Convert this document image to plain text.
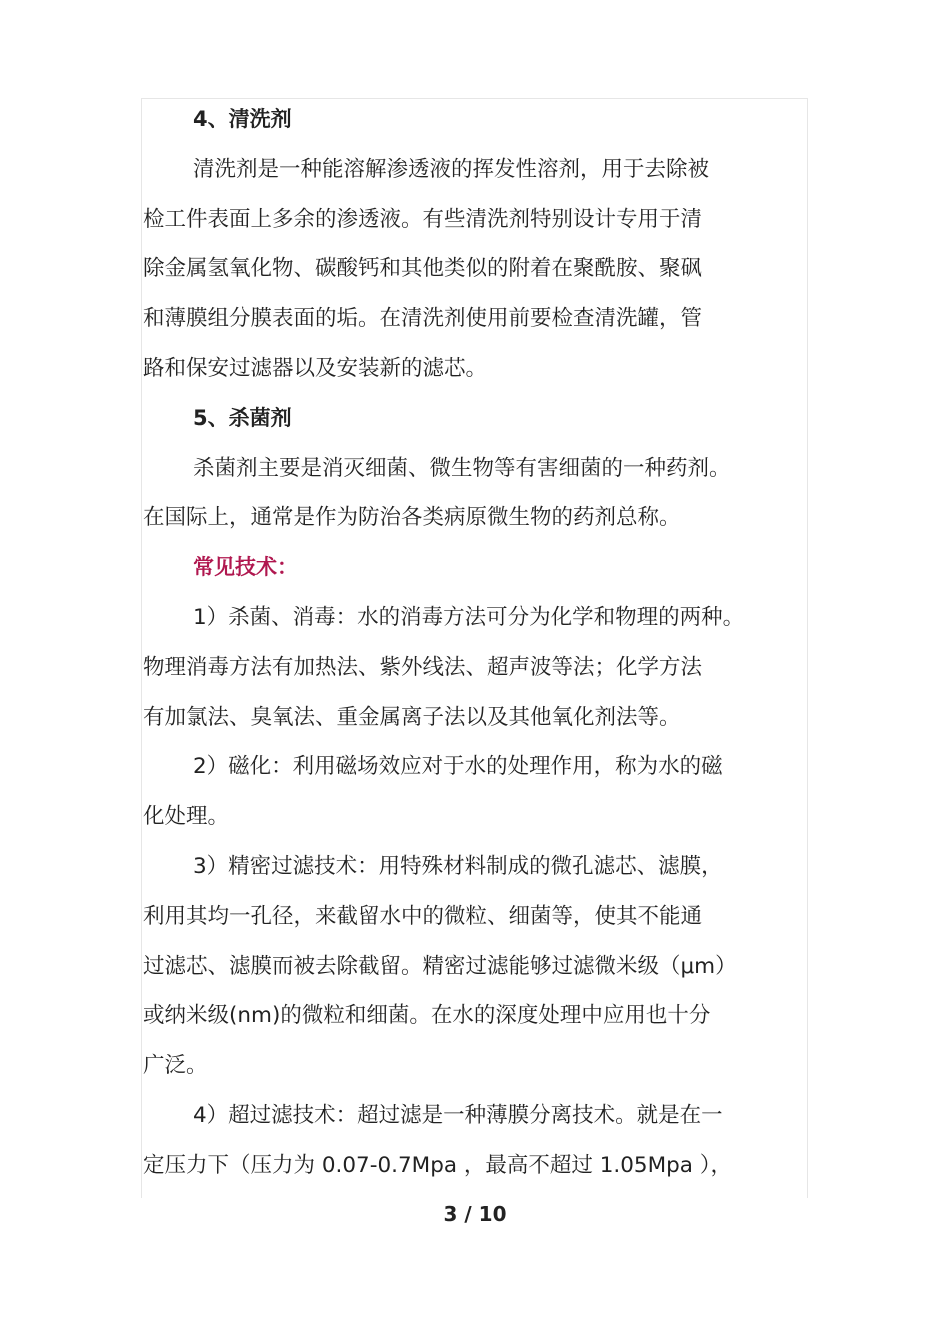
4、清洗剂
清洗剂是一种能溶解渗透液的挥发性溶剂，用于去除被
检工件表面上多余的渗透液。有些清洗剂特别设计专用于清
除金属氢氧化物、碳酸钙和其他类似的附着在聚酰胺、聚砜
和薄膜组分膜表面的垢。在清洗剂使用前要检查清洗罐，管
路和保安过滤器以及安装新的滤芯。
5、杀菌剂
杀菌剂主要是消灭细菌、微生物等有害细菌的一种药剂。
在国际上，通常是作为防治各类病原微生物的药剂总称。
常见技术：
1）杀菌、消毒：水的消毒方法可分为化学和物理的两种。
物理消毒方法有加热法、紫外线法、超声波等法；化学方法
有加氯法、臭氧法、重金属离子法以及其他氧化剂法等。
2）磁化：利用磁场效应对于水的处理作用，称为水的磁
化处理。
3）精密过滤技术：用特殊材料制成的微孔滤芯、滤膜，
利用其均一孔径，来截留水中的微粒、细菌等，使其不能通
过滤芯、滤膜而被去除截留。精密过滤能够过滤微米级（μm）
或纳米级(nm)的微粒和细菌。在水的深度处理中应用也十分
广泛。
4）超过滤技术：超过滤是一种薄膜分离技术。就是在一
定压力下（压力为 0.07-0.7Mpa ，最高不超过 1.05Mpa ），
3 / 10
